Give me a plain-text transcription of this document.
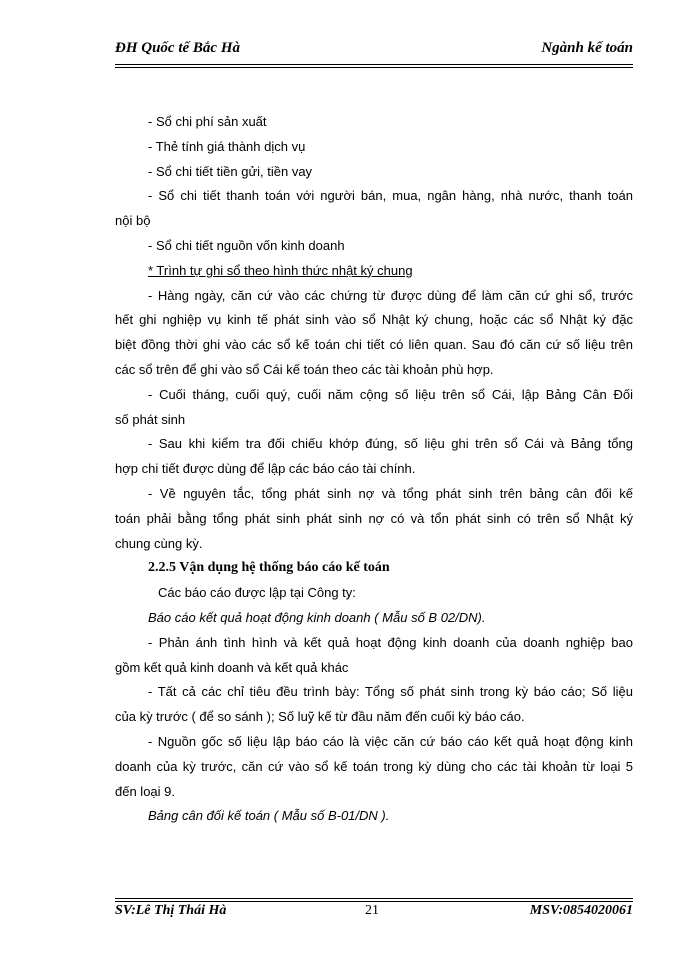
ĐH Quốc tế Bắc Hà	Ngành kế toán
- Sổ chi phí sản xuất
- Thẻ tính giá thành dịch vụ
- Sổ chi tiết tiền gửi, tiền vay
- Sổ chi tiết thanh toán với người bán, mua, ngân hàng, nhà nước, thanh toán
nội bộ
- Sổ chi tiết nguồn vốn kinh doanh
* Trình tự ghi sổ theo hình thức nhật ký chung
- Hàng ngày, căn cứ vào các chứng từ được dùng để làm căn cứ ghi sổ, trước
hết ghi nghiệp vụ kinh tế phát sinh vào sổ Nhật ký chung, hoặc các sổ Nhật ký đặc
biệt đồng thời ghi vào các sổ kế toán chi tiết có liên quan. Sau đó căn cứ số liệu trên
các sổ trên để ghi vào sổ Cái kế toán theo các tài khoản phù hợp.
- Cuối tháng, cuối quý, cuối năm cộng số liệu trên sổ Cái, lập Bảng Cân Đối
số phát sinh
- Sau khi kiểm tra đối chiếu khớp đúng, số liệu ghi trên sổ Cái và Bảng tổng
hợp chi tiết được dùng để lập các báo cáo tài chính.
- Về nguyên tắc, tổng phát sinh nợ và tổng phát sinh trên bảng cân đối kế
toán phải bằng tổng phát sinh phát sinh nợ có và tổn phát sinh có trên sổ Nhật ký
chung cùng kỳ.
2.2.5 Vận dụng hệ thống báo cáo kế toán
Các báo cáo được lập tại Công ty:
Báo cáo kết quả hoạt động kinh doanh ( Mẫu số B 02/DN).
- Phản ánh tình hình và kết quả hoạt động kinh doanh của doanh nghiệp bao
gồm kết quả kinh doanh và kết quả khác
- Tất cả các chỉ tiêu đều trình bày: Tổng số phát sinh trong kỳ báo cáo; Số liệu
của kỳ trước ( để so sánh ); Số luỹ kế từ đầu năm đến cuối kỳ báo cáo.
- Nguồn gốc số liệu lập báo cáo là việc căn cứ báo cáo kết quả hoạt động kinh
doanh của kỳ trước, căn cứ vào sổ kế toán trong kỳ dùng cho các tài khoản từ loại 5
đến loại 9.
Bảng cân đối kế toán ( Mẫu số B-01/DN ).
SV:Lê Thị Thái Hà	21	MSV:0854020061
